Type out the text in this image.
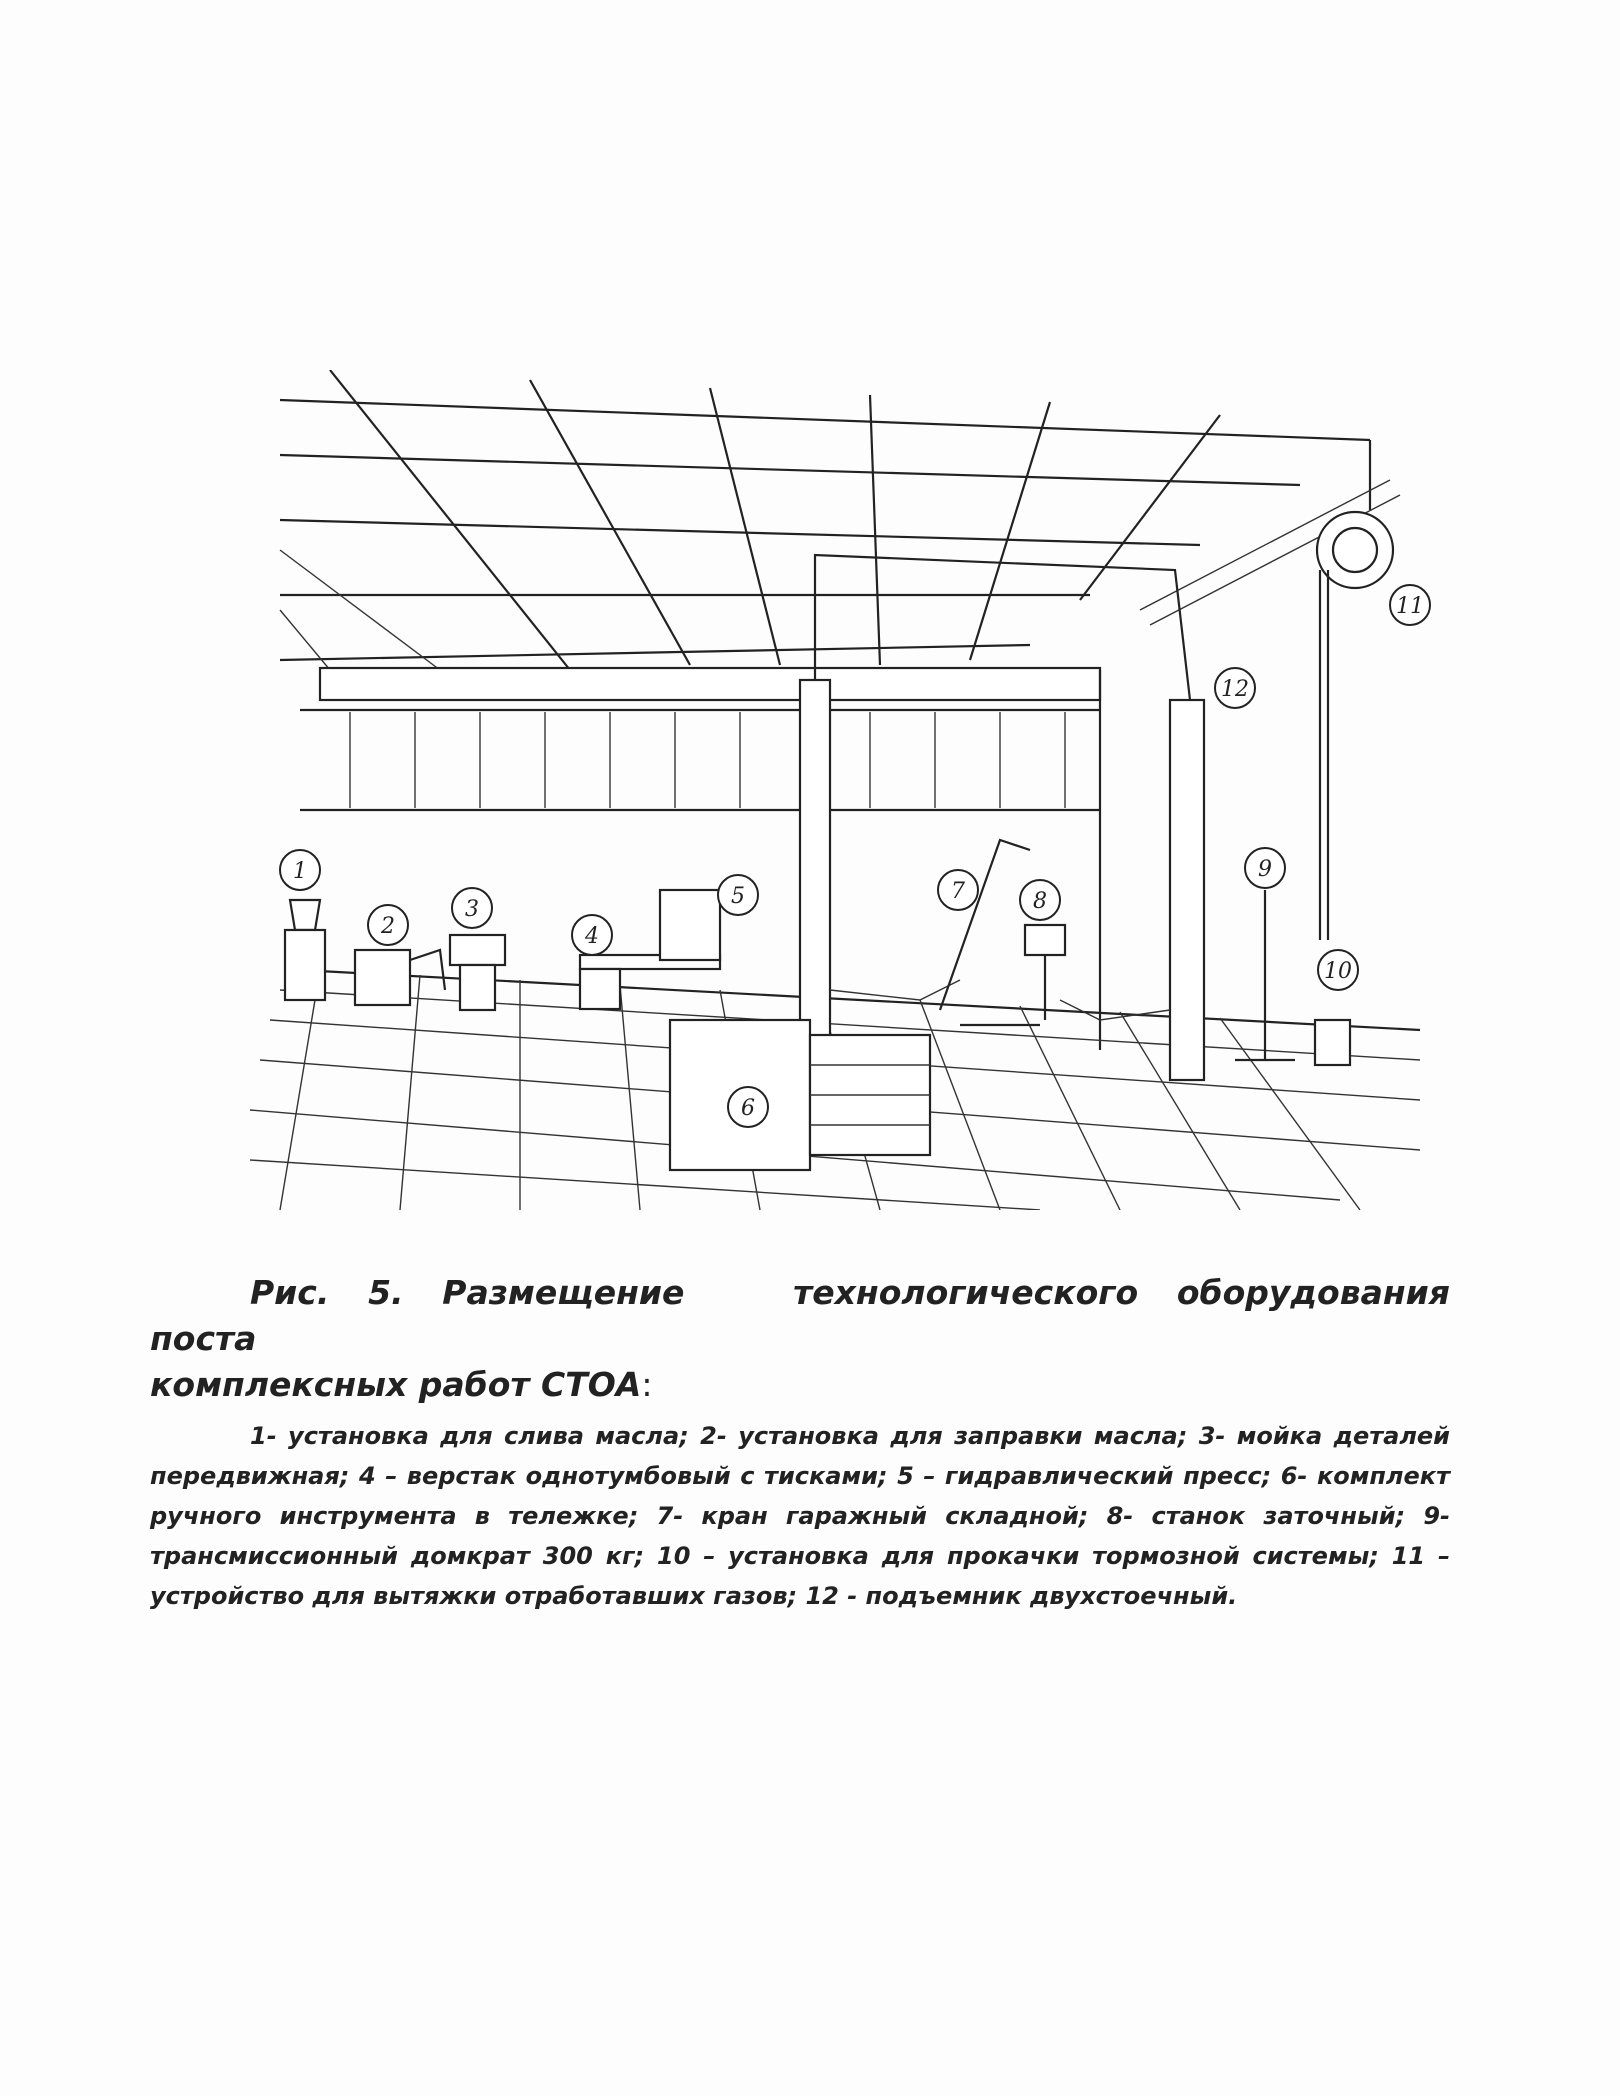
1
2
3
4
5
6
7	8
9
10
11
12
Рис. 5. Размещение	технологического оборудования поста
комплексных работ СТОА:
1- установка для слива масла; 2- установка для заправки масла; 3- мойка деталей передвижная; 4 – верстак однотумбовый с тисками; 5 – гидравлический пресс; 6- комплект ручного инструмента в тележке; 7- кран гаражный складной; 8- станок заточный; 9- трансмиссионный домкрат 300 кг; 10 – установка для прокачки тормозной системы; 11 – устройство для вытяжки отработавших газов; 12 - подъемник двухстоечный.
